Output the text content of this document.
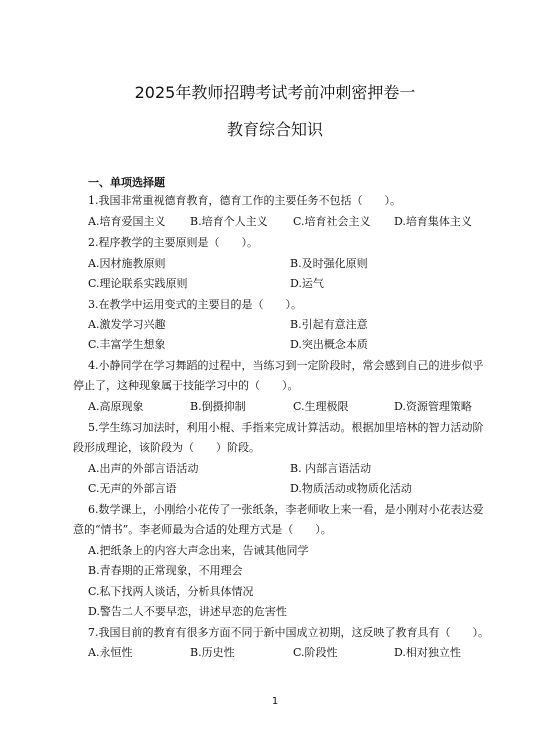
2025年教师招聘考试考前冲刺密押卷一
教育综合知识
一、单项选择题
1.我国非常重视德育教育，德育工作的主要任务不包括（　　）。
A.培育爱国主义 B.培育个人主义 C.培育社会主义 D.培育集体主义
2.程序教学的主要原则是（　　）。
A.因材施教原则	B.及时强化原则
C.理论联系实践原则	D.运气
3.在教学中运用变式的主要目的是（　　）。
A.激发学习兴趣	B.引起有意注意
C.丰富学生想象	D.突出概念本质
4.小静同学在学习舞蹈的过程中，当练习到一定阶段时，常会感到自己的进步似乎
停止了，这种现象属于技能学习中的（　　）。
A.高原现象	B.倒摄抑制	C.生理极限	D.资源管理策略
5.学生练习加法时，利用小棍、手指来完成计算活动。根据加里培林的智力活动阶
段形成理论，该阶段为（　　）阶段。
A.出声的外部言语活动	B. 内部言语活动
C.无声的外部言语	D.物质活动或物质化活动
6.数学课上，小刚给小花传了一张纸条，李老师收上来一看，是小刚对小花表达爱
意的“情书”。李老师最为合适的处理方式是（　　）。
A.把纸条上的内容大声念出来，告诫其他同学
B.青春期的正常现象，不用理会
C.私下找两人谈话，分析具体情况
D.警告二人不要早恋，讲述早恋的危害性
7.我国目前的教育有很多方面不同于新中国成立初期，这反映了教育具有（　　）。
A.永恒性	B.历史性	C.阶段性	D.相对独立性
1
